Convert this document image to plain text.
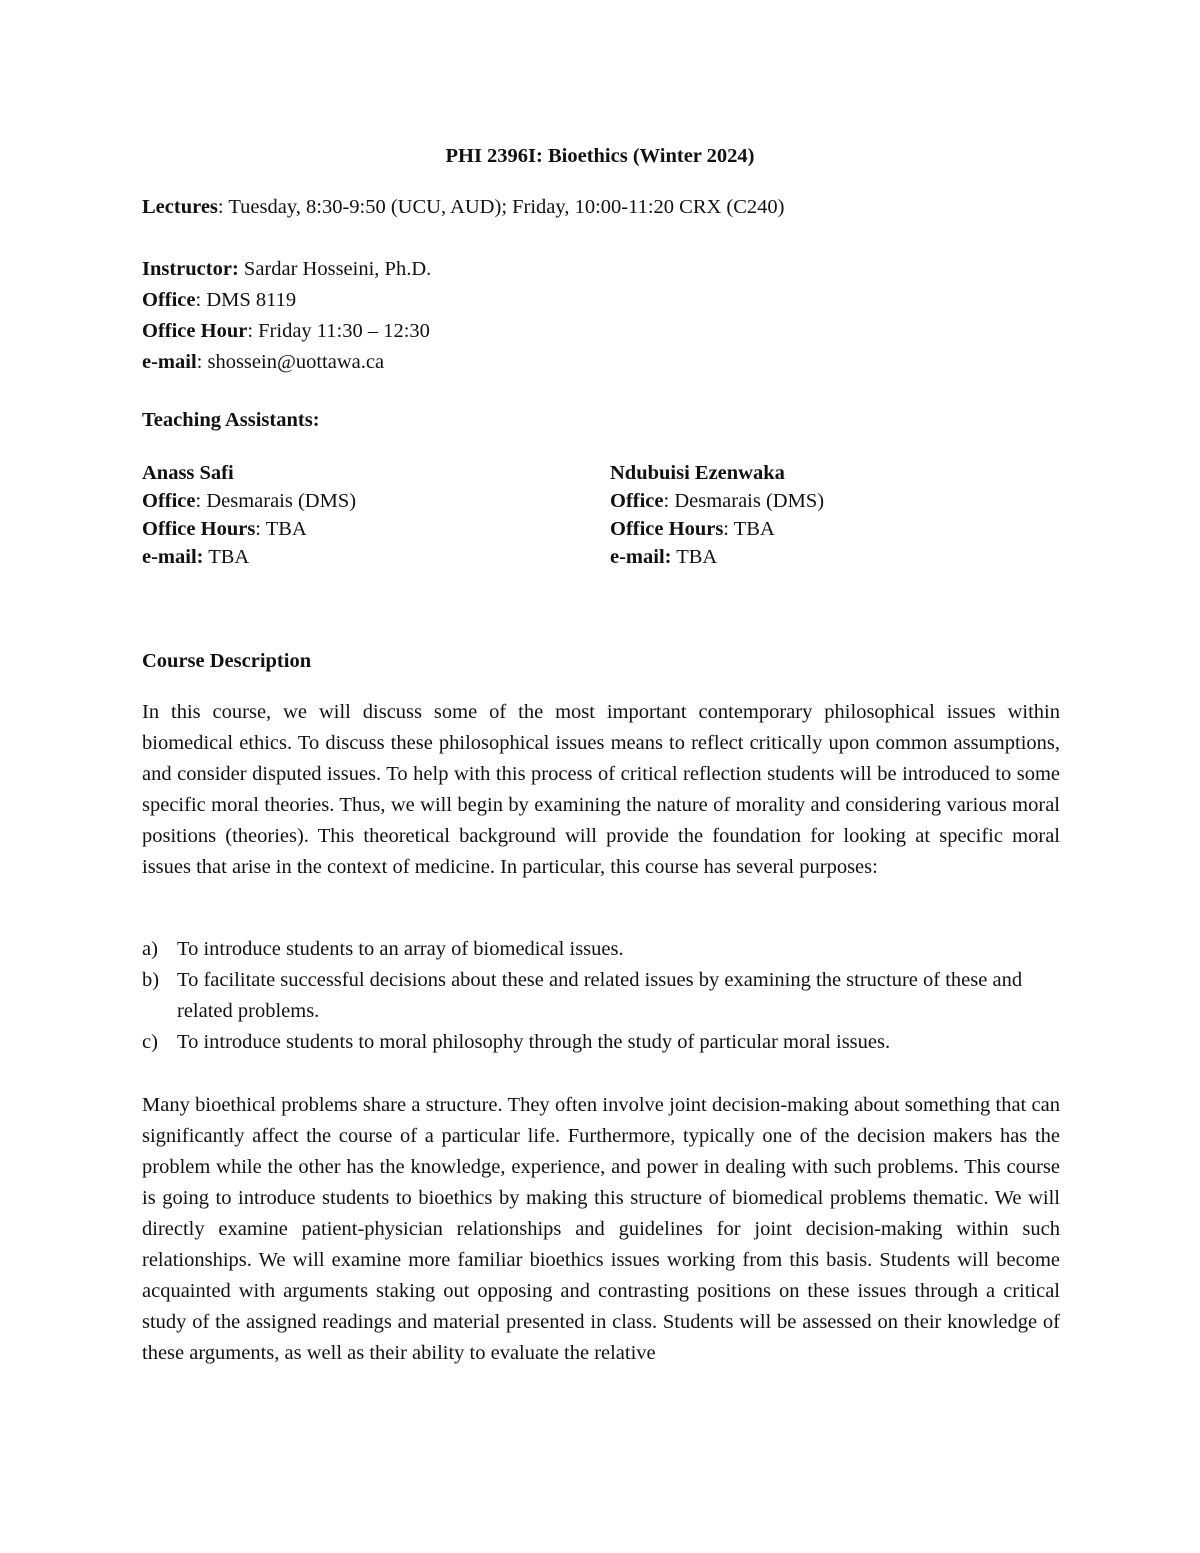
PHI 2396I: Bioethics (Winter 2024)
Lectures: Tuesday, 8:30-9:50 (UCU, AUD); Friday, 10:00-11:20 CRX (C240)
Instructor: Sardar Hosseini, Ph.D.
Office: DMS 8119
Office Hour: Friday 11:30 – 12:30
e-mail: shossein@uottawa.ca
Teaching Assistants:
Anass Safi
Office: Desmarais (DMS)
Office Hours: TBA
e-mail: TBA
Ndubuisi Ezenwaka
Office: Desmarais (DMS)
Office Hours: TBA
e-mail: TBA
Course Description
In this course, we will discuss some of the most important contemporary philosophical issues within biomedical ethics. To discuss these philosophical issues means to reflect critically upon common assumptions, and consider disputed issues. To help with this process of critical reflection students will be introduced to some specific moral theories. Thus, we will begin by examining the nature of morality and considering various moral positions (theories). This theoretical background will provide the foundation for looking at specific moral issues that arise in the context of medicine. In particular, this course has several purposes:
a) To introduce students to an array of biomedical issues.
b) To facilitate successful decisions about these and related issues by examining the structure of these and related problems.
c) To introduce students to moral philosophy through the study of particular moral issues.
Many bioethical problems share a structure. They often involve joint decision-making about something that can significantly affect the course of a particular life. Furthermore, typically one of the decision makers has the problem while the other has the knowledge, experience, and power in dealing with such problems. This course is going to introduce students to bioethics by making this structure of biomedical problems thematic. We will directly examine patient-physician relationships and guidelines for joint decision-making within such relationships. We will examine more familiar bioethics issues working from this basis. Students will become acquainted with arguments staking out opposing and contrasting positions on these issues through a critical study of the assigned readings and material presented in class. Students will be assessed on their knowledge of these arguments, as well as their ability to evaluate the relative
